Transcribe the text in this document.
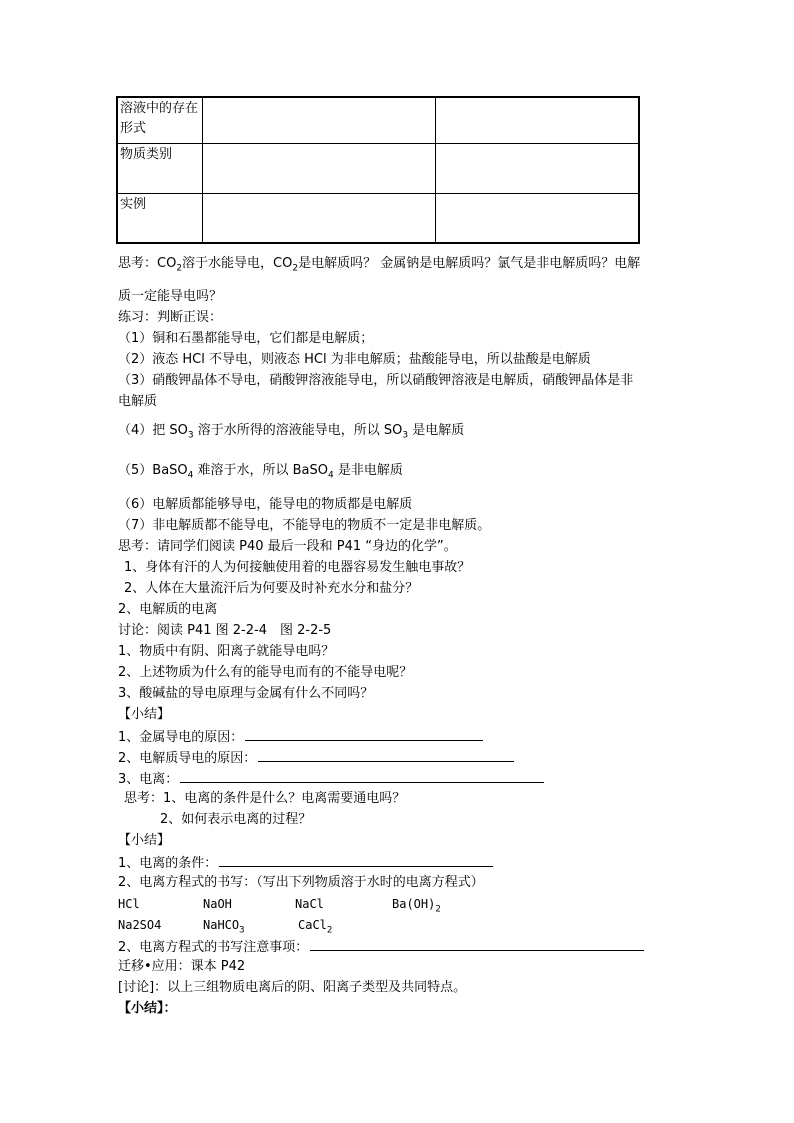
溶液中的存在形式		
物质类别		
实例		
思考：$CO_2$溶于水能导电，$CO_2$是电解质吗？ 金属钠是电解质吗？氯气是非电解质吗？电解
质一定能导电吗？
练习：判断正误：
（1）铜和石墨都能导电，它们都是电解质；
（2）液态 HCl 不导电，则液态 HCl 为非电解质；盐酸能导电，所以盐酸是电解质
（3）硝酸钾晶体不导电，硝酸钾溶液能导电，所以硝酸钾溶液是电解质，硝酸钾晶体是非
电解质
（4）把 $SO_3$ 溶于水所得的溶液能导电，所以 $SO_3$ 是电解质
（5）BaSO$_4$ 难溶于水，所以 BaSO$_4$ 是非电解质
（6）电解质都能够导电，能导电的物质都是电解质
（7）非电解质都不能导电，不能导电的物质不一定是非电解质。
思考：请同学们阅读 P40 最后一段和 P41 “身边的化学”。
1、身体有汗的人为何接触使用着的电器容易发生触电事故？
2、人体在大量流汗后为何要及时补充水分和盐分？
2、电解质的电离
讨论：阅读 P41 图 2-2-4　图 2-2-5
1、物质中有阴、阳离子就能导电吗？
2、上述物质为什么有的能导电而有的不能导电呢？
3、酸碱盐的导电原理与金属有什么不同吗？
【小结】
1、金属导电的原因：
2、电解质导电的原因：
3、电离：
思考：1、电离的条件是什么？电离需要通电吗？
2、如何表示电离的过程？
【小结】
1、电离的条件：
2、电离方程式的书写：（写出下列物质溶于水时的电离方程式）
HCl	NaOH	NaCl	$Ba(OH)_2$
Na2SO4	NaHCO$_3$	CaCl$_2$
2、电离方程式的书写注意事项：
迁移•应用：课本 P42
[讨论]：以上三组物质电离后的阴、阳离子类型及共同特点。
【小结】：
